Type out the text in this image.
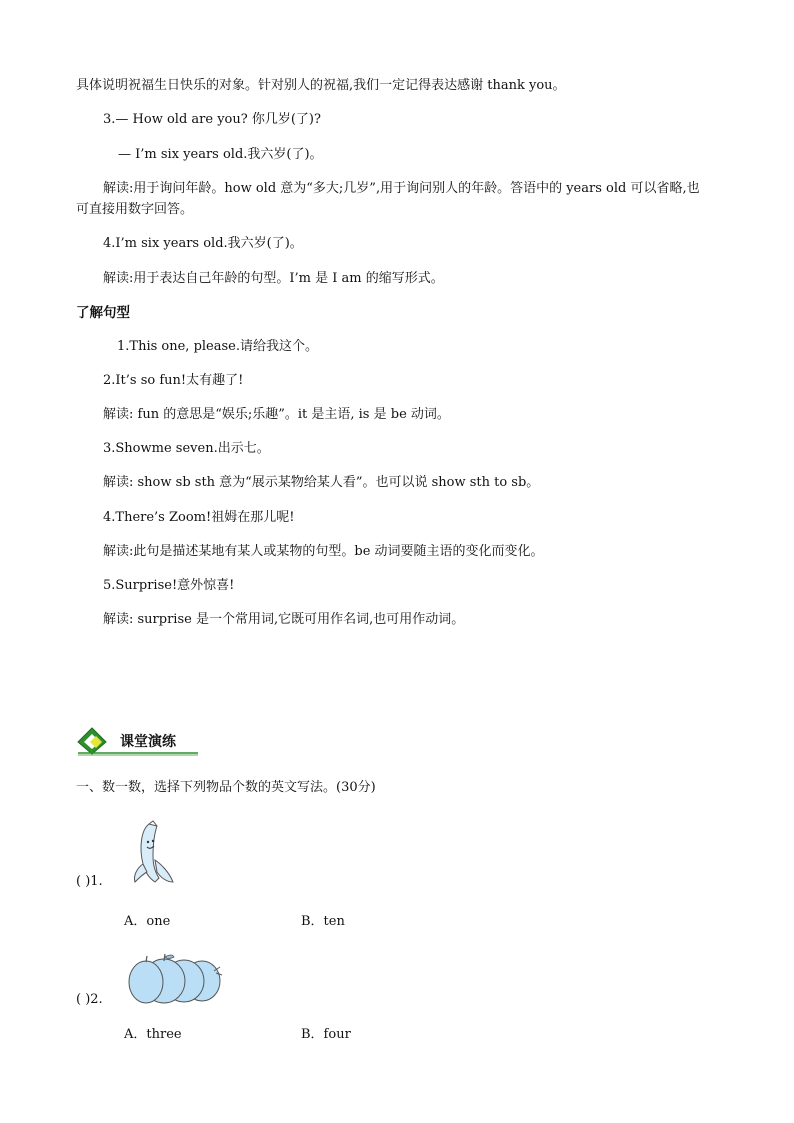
具体说明祝福生日快乐的对象。针对别人的祝福,我们一定记得表达感谢 thank you。
3.— How old are you? 你几岁(了)?
— I’m six years old.我六岁(了)。
解读:用于询问年龄。how old 意为“多大;几岁”,用于询问别人的年龄。答语中的 years old 可以省略,也
可直接用数字回答。
4.I’m six years old.我六岁(了)。
解读:用于表达自己年龄的句型。I’m 是 I am 的缩写形式。
了解句型
1.This one, please.请给我这个。
2.It’s so fun!太有趣了!
解读: fun 的意思是“娱乐;乐趣”。it 是主语, is 是 be 动词。
3.Showme seven.出示七。
解读: show sb sth 意为“展示某物给某人看”。也可以说 show sth to sb。
4.There’s Zoom!祖姆在那儿呢!
解读:此句是描述某地有某人或某物的句型。be 动词要随主语的变化而变化。
5.Surprise!意外惊喜!
解读: surprise 是一个常用词,它既可用作名词,也可用作动词。
课堂演练
一、数一数，选择下列物品个数的英文写法。(30分)
( )1.
A．one	B．ten
( )2.
A．three	B．four
